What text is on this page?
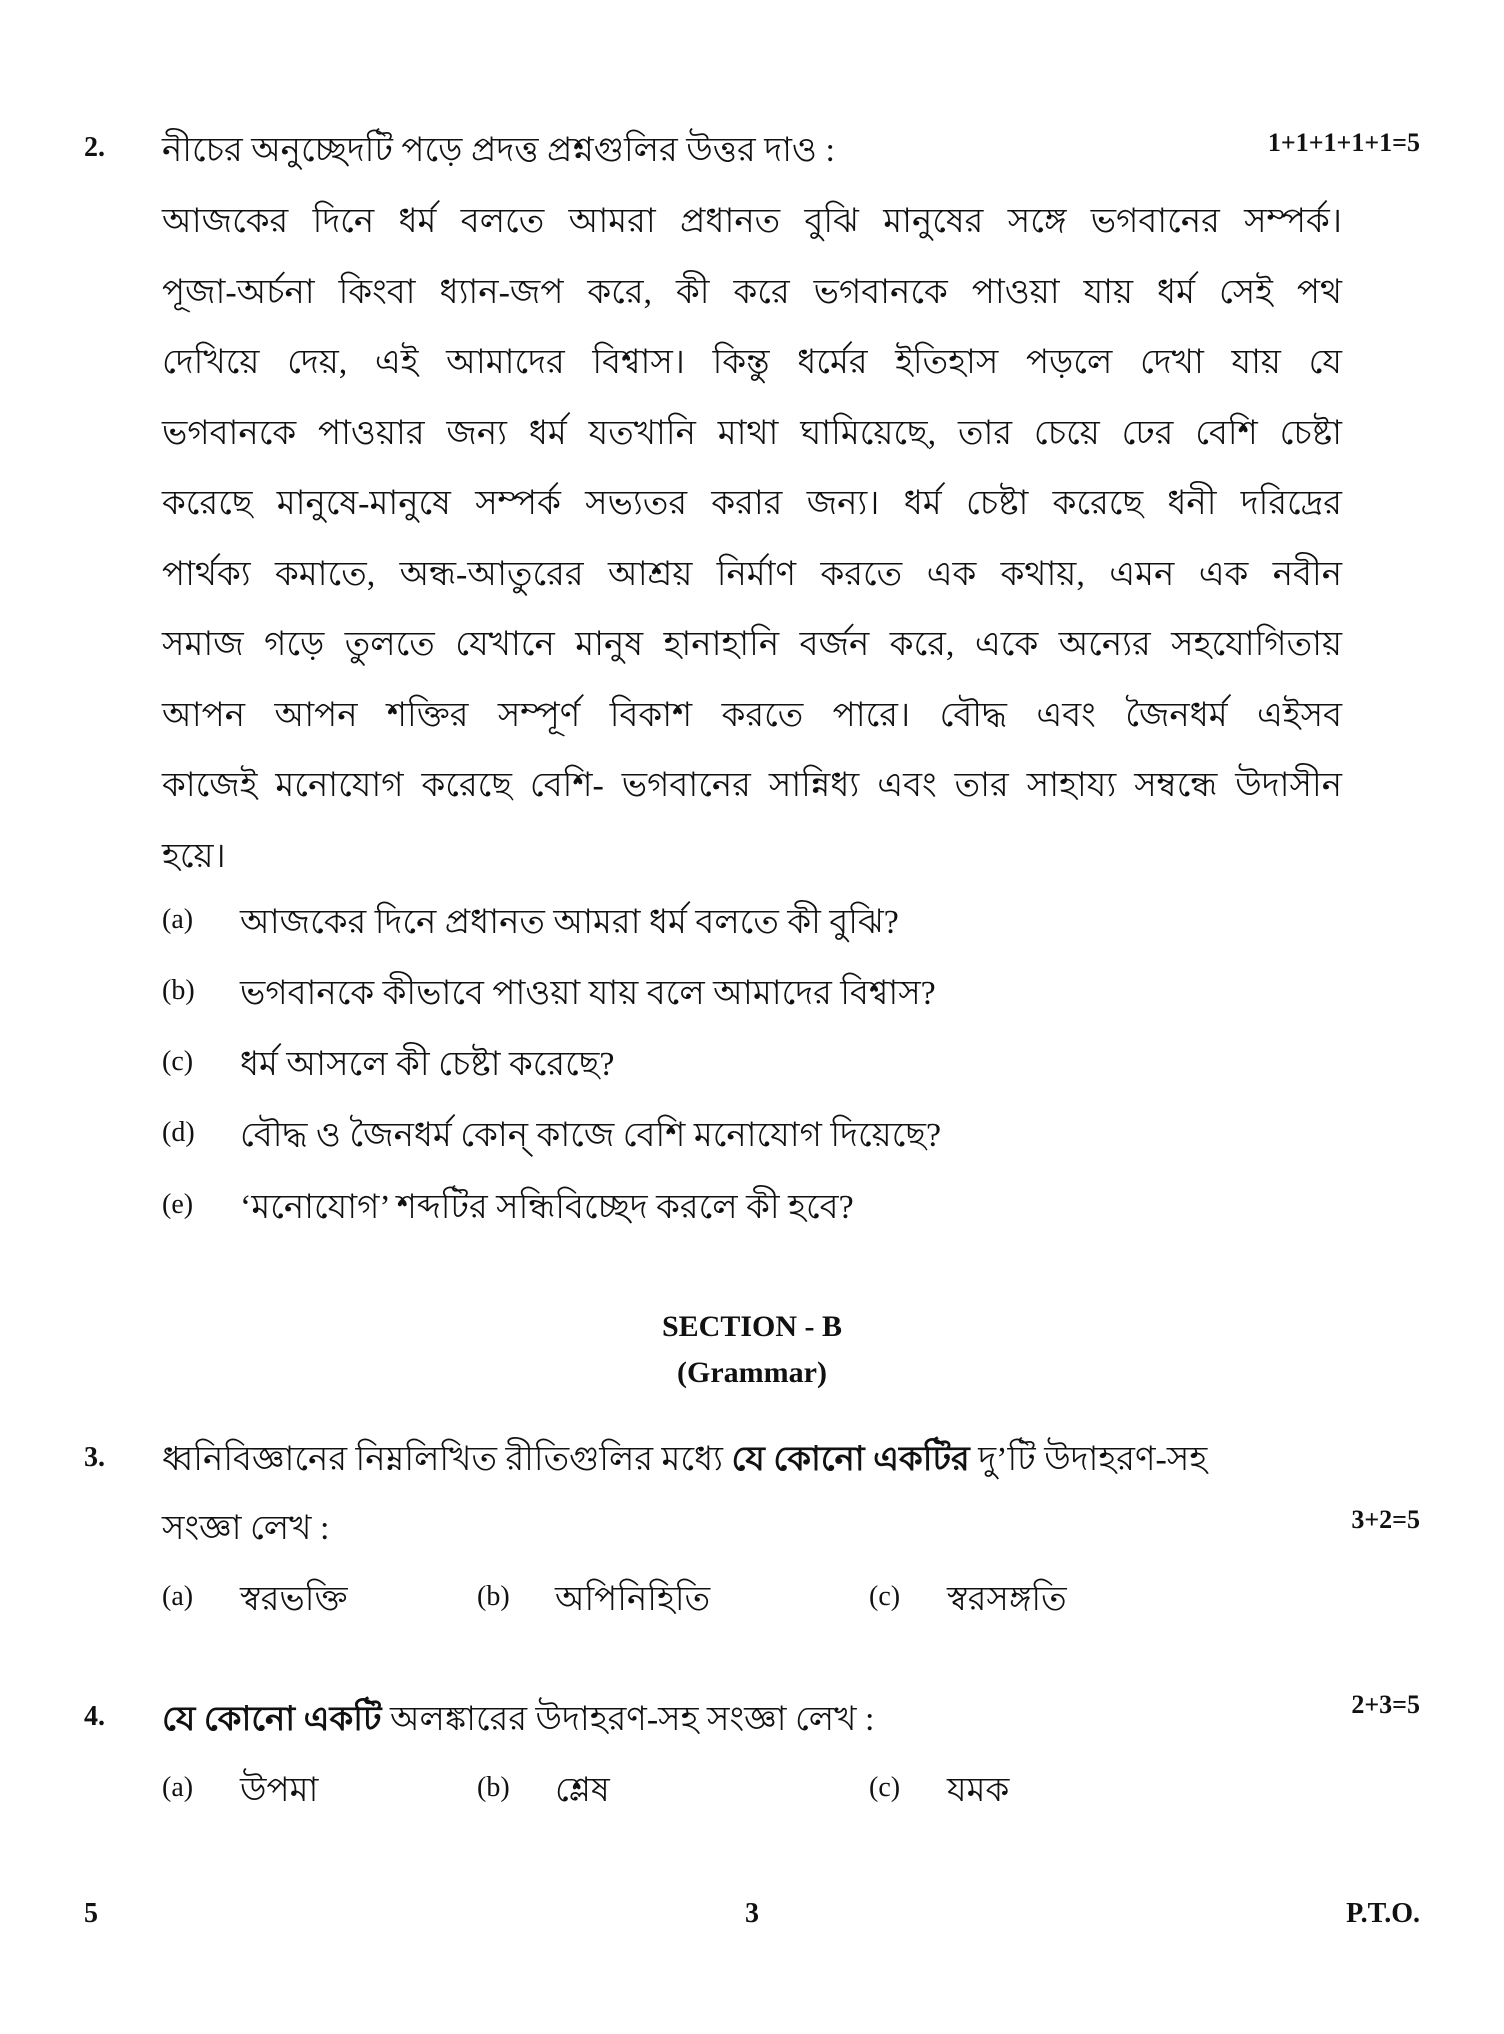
2. নীচের অনুচ্ছেদটি পড়ে প্রদত্ত প্রশ্নগুলির উত্তর দাও :	1+1+1+1+1=5
আজকের দিনে ধর্ম বলতে আমরা প্রধানত বুঝি মানুষের সঙ্গে ভগবানের সম্পর্ক।
পূজা-অর্চনা কিংবা ধ্যান-জপ করে, কী করে ভগবানকে পাওয়া যায় ধর্ম সেই পথ
দেখিয়ে দেয়, এই আমাদের বিশ্বাস। কিন্তু ধর্মের ইতিহাস পড়লে দেখা যায় যে
ভগবানকে পাওয়ার জন্য ধর্ম যতখানি মাথা ঘামিয়েছে, তার চেয়ে ঢের বেশি চেষ্টা
করেছে মানুষে-মানুষে সম্পর্ক সভ্যতর করার জন্য। ধর্ম চেষ্টা করেছে ধনী দরিদ্রের
পার্থক্য কমাতে, অন্ধ-আতুরের আশ্রয় নির্মাণ করতে এক কথায়, এমন এক নবীন
সমাজ গড়ে তুলতে যেখানে মানুষ হানাহানি বর্জন করে, একে অন্যের সহযোগিতায়
আপন আপন শক্তির সম্পূর্ণ বিকাশ করতে পারে। বৌদ্ধ এবং জৈনধর্ম এইসব
কাজেই মনোযোগ করেছে বেশি- ভগবানের সান্নিধ্য এবং তার সাহায্য সম্বন্ধে উদাসীন
হয়ে।
(a) আজকের দিনে প্রধানত আমরা ধর্ম বলতে কী বুঝি?
(b) ভগবানকে কীভাবে পাওয়া যায় বলে আমাদের বিশ্বাস?
(c) ধর্ম আসলে কী চেষ্টা করেছে?
(d) বৌদ্ধ ও জৈনধর্ম কোন্ কাজে বেশি মনোযোগ দিয়েছে?
(e) ‘মনোযোগ’ শব্দটির সন্ধিবিচ্ছেদ করলে কী হবে?
SECTION - B
(Grammar)
3. ধ্বনিবিজ্ঞানের নিম্নলিখিত রীতিগুলির মধ্যে যে কোনো একটির দু’টি উদাহরণ-সহ
সংজ্ঞা লেখ :	3+2=5
(a) স্বরভক্তি	(b) অপিনিহিতি	(c) স্বরসঙ্গতি
4. যে কোনো একটি অলঙ্কারের উদাহরণ-সহ সংজ্ঞা লেখ :	2+3=5
(a) উপমা	(b) শ্লেষ	(c) যমক
5	3	P.T.O.
